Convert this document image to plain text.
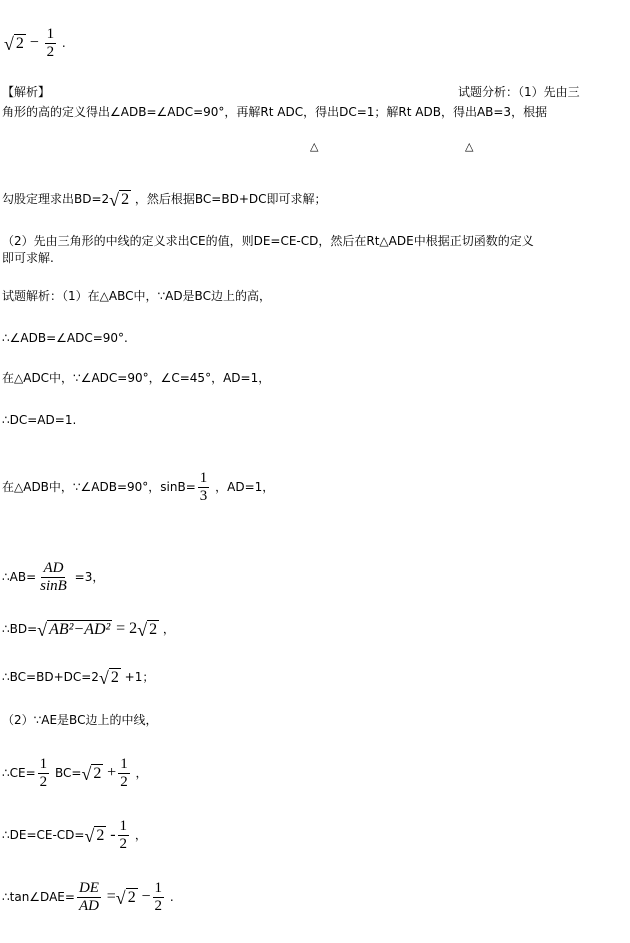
√ $2 - \frac{1}{2}$ .
【解析】	试题分析：（1）先由三
角形的高的定义得出∠ADB=∠ADC=90°，再解Rt ADC，得出DC=1；解Rt ADB，得出AB=3，根据
△	△
勾股定理求出BD=2 √ 2 ，然后根据BC=BD+DC即可求解；
（2）先由三角形的中线的定义求出CE的值，则DE=CE-CD，然后在Rt△ADE中根据正切函数的定义
即可求解.
试题解析：（1）在△ABC中，∵AD是BC边上的高，
∴∠ADB=∠ADC=90°.
在△ADC中，∵∠ADC=90°，∠C=45°，AD=1，
∴DC=AD=1.
在△ADB中，∵∠ADB=90°，$\sin B= \frac{1}{3}$ ，AD=1，
∴AB= $\frac{AD}{\sin B} =3$，
∴BD= √ AB²−AD² = 2 √ 2 ，
∴BC=BD+DC=2 √ 2 +1；
（2）∵AE是BC边上的中线，
∴CE= $\frac{1}{2} BC=$ √ $2 + \frac{1}{2}$ ，
∴DE=CE-CD= √ $2 - \frac{1}{2}$ ，
∴tan∠DAE= $\frac{DE}{AD}$ = √ $2 - \frac{1}{2}$ .
